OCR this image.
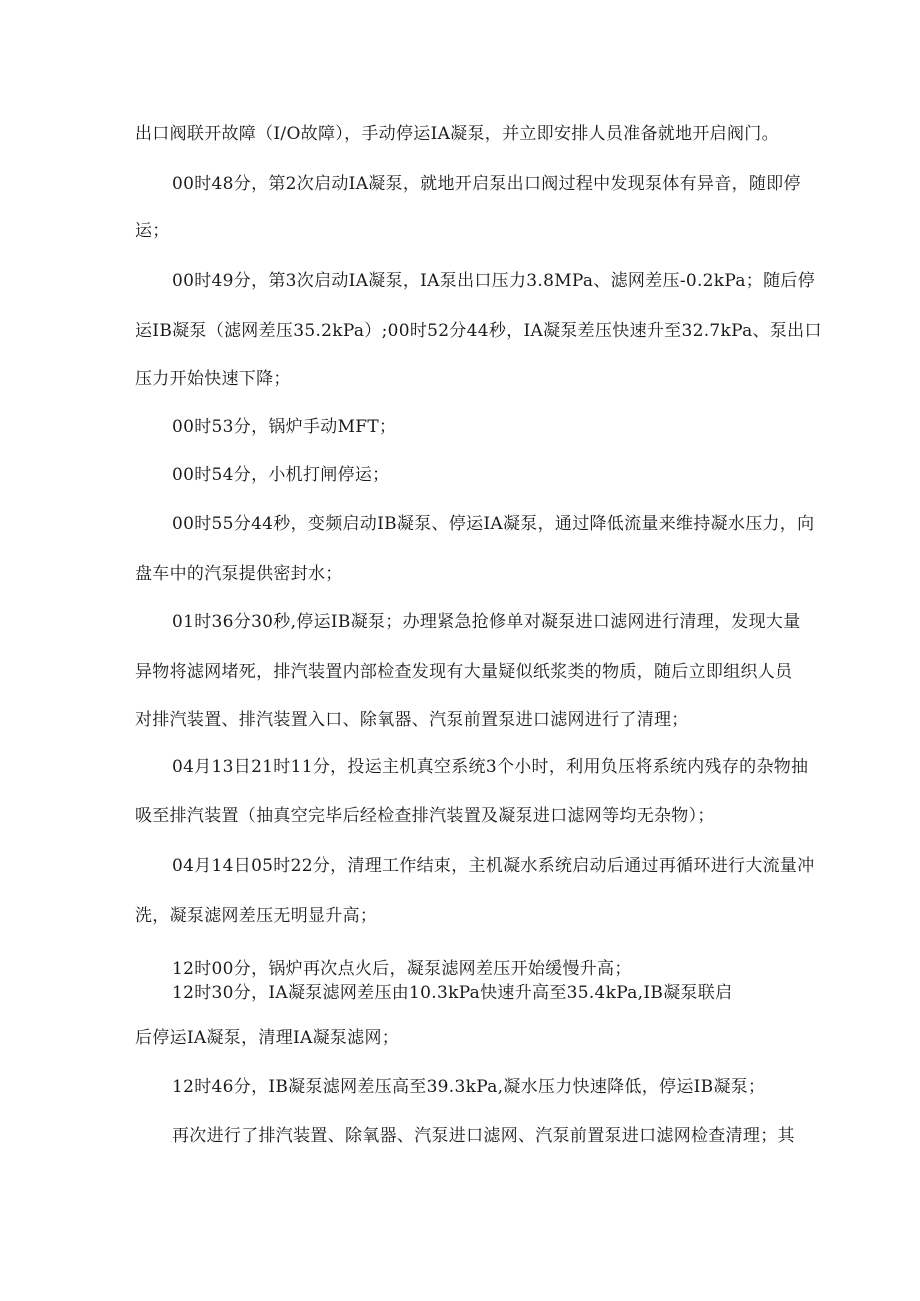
出口阀联开故障（I/O故障），手动停运IA凝泵，并立即安排人员准备就地开启阀门。
00时48分，第2次启动IA凝泵，就地开启泵出口阀过程中发现泵体有异音，随即停
运；
00时49分，第3次启动IA凝泵，IA泵出口压力3.8MPa、滤网差压-0.2kPa；随后停
运IB凝泵（滤网差压35.2kPa）;00时52分44秒，IA凝泵差压快速升至32.7kPa、泵出口
压力开始快速下降；
00时53分，锅炉手动MFT；
00时54分，小机打闸停运；
00时55分44秒，变频启动IB凝泵、停运IA凝泵，通过降低流量来维持凝水压力，向
盘车中的汽泵提供密封水；
01时36分30秒,停运IB凝泵；办理紧急抢修单对凝泵进口滤网进行清理，发现大量
异物将滤网堵死，排汽装置内部检查发现有大量疑似纸浆类的物质，随后立即组织人员
对排汽装置、排汽装置入口、除氧器、汽泵前置泵进口滤网进行了清理；
04月13日21时11分，投运主机真空系统3个小时，利用负压将系统内残存的杂物抽
吸至排汽装置（抽真空完毕后经检查排汽装置及凝泵进口滤网等均无杂物）；
04月14日05时22分，清理工作结束，主机凝水系统启动后通过再循环进行大流量冲
洗，凝泵滤网差压无明显升高；
12时00分，锅炉再次点火后，凝泵滤网差压开始缓慢升高；
12时30分，IA凝泵滤网差压由10.3kPa快速升高至35.4kPa,IB凝泵联启
后停运IA凝泵，清理IA凝泵滤网；
12时46分，IB凝泵滤网差压高至39.3kPa,凝水压力快速降低，停运IB凝泵；
再次进行了排汽装置、除氧器、汽泵进口滤网、汽泵前置泵进口滤网检查清理；其
